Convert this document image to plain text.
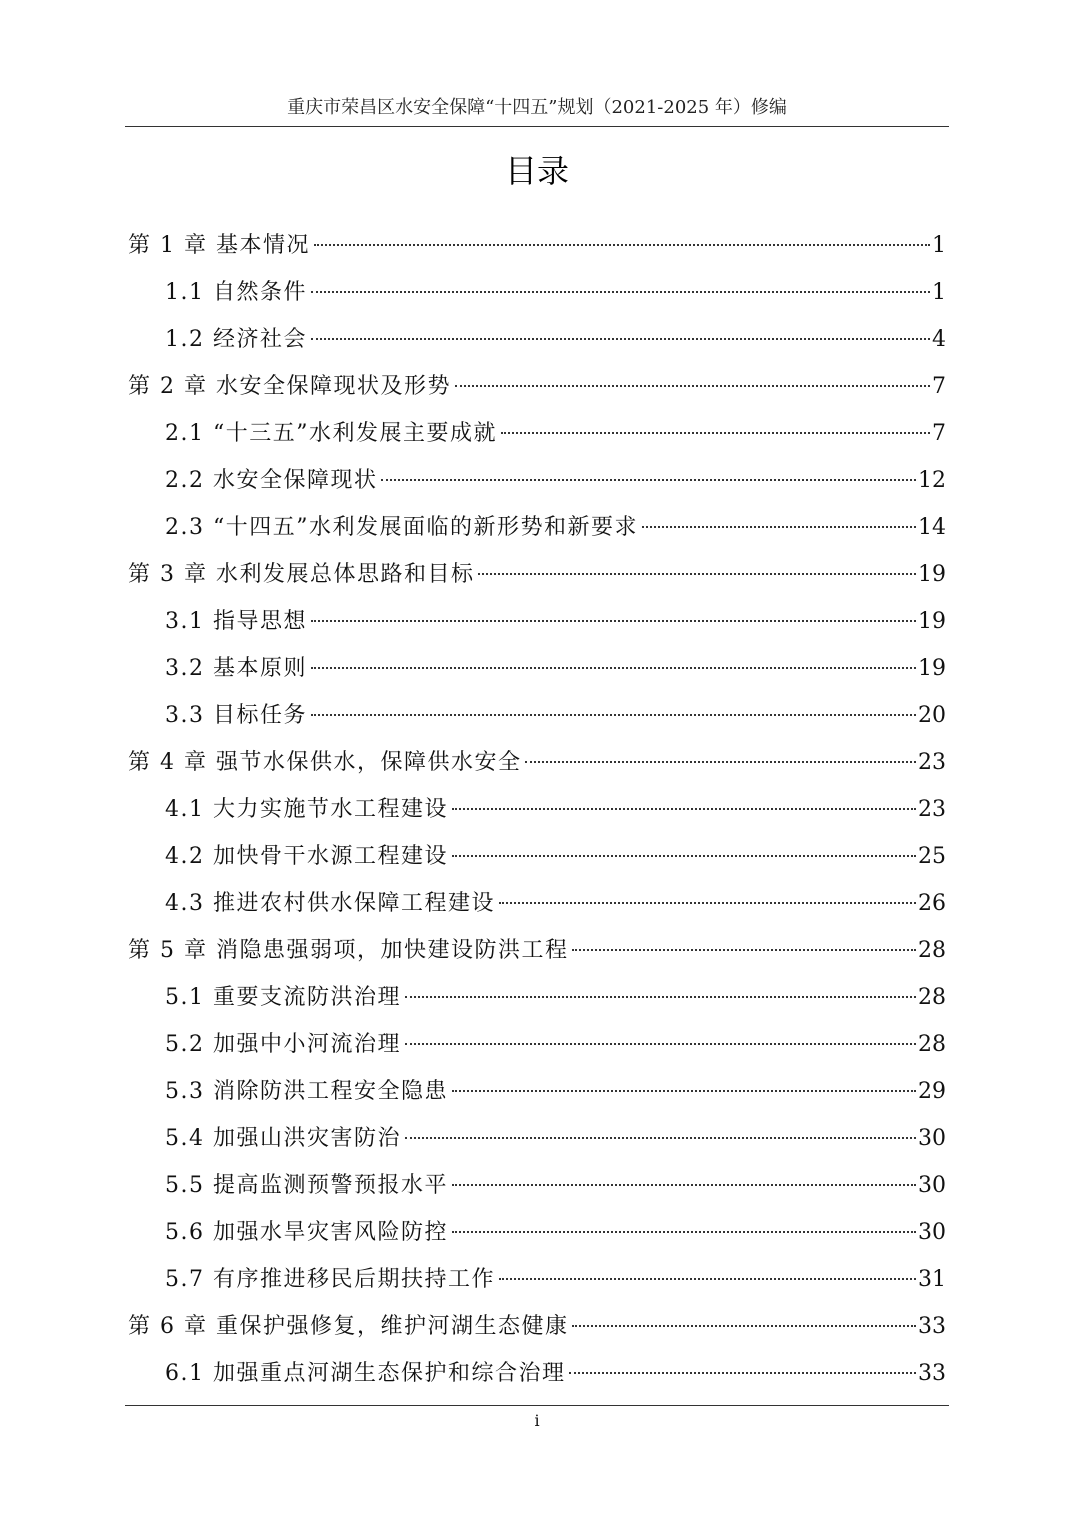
重庆市荣昌区水安全保障“十四五”规划（2021-2025 年）修编
目录
第 1 章 基本情况	1
1.1 自然条件	1
1.2 经济社会	4
第 2 章 水安全保障现状及形势	7
2.1 “十三五”水利发展主要成就	7
2.2 水安全保障现状	12
2.3 “十四五”水利发展面临的新形势和新要求	14
第 3 章 水利发展总体思路和目标	19
3.1 指导思想	19
3.2 基本原则	19
3.3 目标任务	20
第 4 章 强节水保供水，保障供水安全	23
4.1 大力实施节水工程建设	23
4.2 加快骨干水源工程建设	25
4.3 推进农村供水保障工程建设	26
第 5 章 消隐患强弱项，加快建设防洪工程	28
5.1 重要支流防洪治理	28
5.2 加强中小河流治理	28
5.3 消除防洪工程安全隐患	29
5.4 加强山洪灾害防治	30
5.5 提高监测预警预报水平	30
5.6 加强水旱灾害风险防控	30
5.7 有序推进移民后期扶持工作	31
第 6 章 重保护强修复，维护河湖生态健康	33
6.1 加强重点河湖生态保护和综合治理	33
i
